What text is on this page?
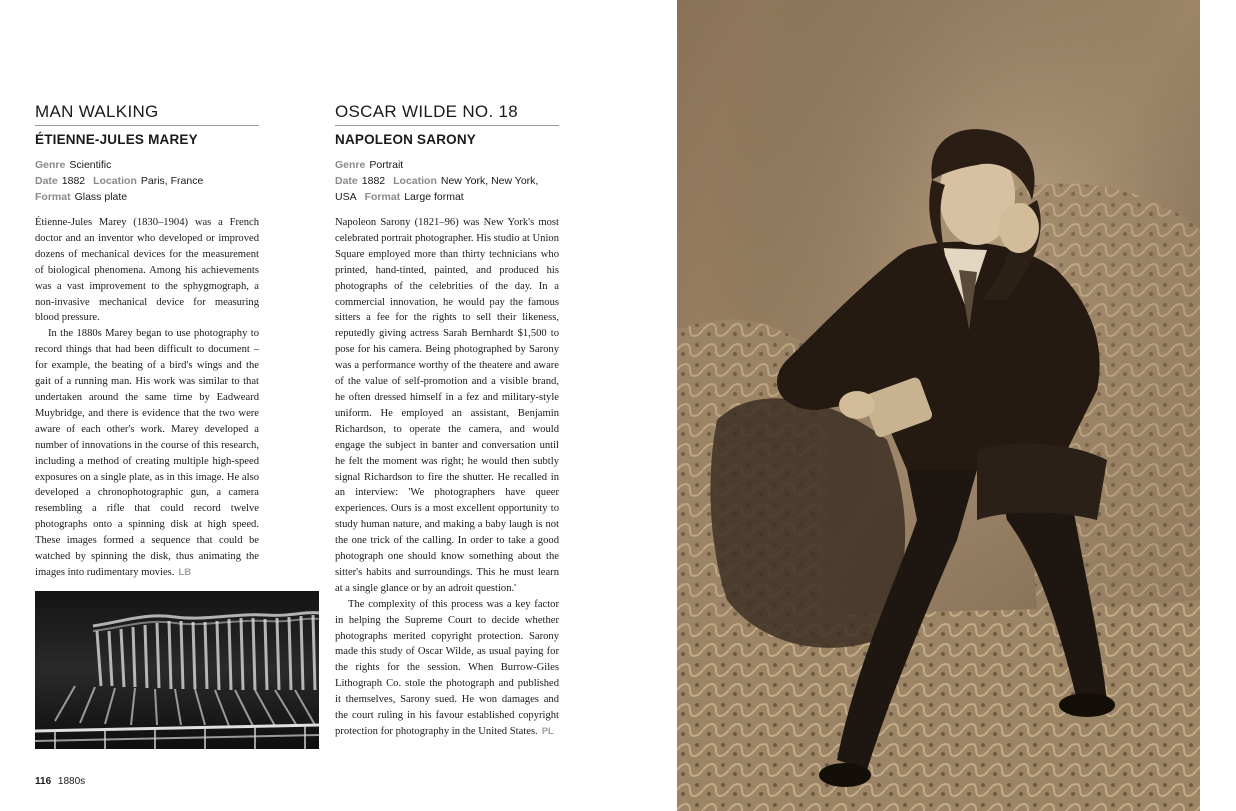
MAN WALKING
ÉTIENNE-JULES MAREY
Genre Scientific
Date 1882 Location Paris, France
Format Glass plate

Étienne-Jules Marey (1830–1904) was a French doctor and an inventor who developed or improved dozens of mechanical devices for the measurement of biological phenomena. Among his achievements was a vast improvement to the sphygmograph, a non-invasive mechanical device for measuring blood pressure.

In the 1880s Marey began to use photography to record things that had been difficult to document – for example, the beating of a bird's wings and the gait of a running man. His work was similar to that undertaken around the same time by Eadweard Muybridge, and there is evidence that the two were aware of each other's work. Marey developed a number of innovations in the course of this research, including a method of creating multiple high-speed exposures on a single plate, as in this image. He also developed a chronophotographic gun, a camera resembling a rifle that could record twelve photographs onto a spinning disk at high speed. These images formed a sequence that could be watched by spinning the disk, thus animating the images into rudimentary movies. LB

OSCAR WILDE NO. 18
NAPOLEON SARONY
Genre Portrait
Date 1882 Location New York, New York, USA Format Large format

Napoleon Sarony (1821–96) was New York's most celebrated portrait photographer. His studio at Union Square employed more than thirty technicians who printed, hand-tinted, painted, and produced his photographs of the celebrities of the day. In a commercial innovation, he would pay the famous sitters a fee for the rights to sell their likeness, reputedly giving actress Sarah Bernhardt $1,500 to pose for his camera. Being photographed by Sarony was a performance worthy of the theatere and aware of the value of self-promotion and a visible brand, he often dressed himself in a fez and military-style uniform. He employed an assistant, Benjamin Richardson, to operate the camera, and would engage the subject in banter and conversation until he felt the moment was right; he would then subtly signal Richardson to fire the shutter. He recalled in an interview: 'We photographers have queer experiences. Ours is a most excellent opportunity to study human nature, and making a baby laugh is not the one trick of the calling. In order to take a good photograph one should know something about the sitter's habits and surroundings. This he must learn at a single glance or by an adroit question.'

The complexity of this process was a key factor in helping the Supreme Court to decide whether photographs merited copyright protection. Sarony made this study of Oscar Wilde, as usual paying for the rights for the session. When Burrow-Giles Lithograph Co. stole the photograph and published it themselves, Sarony sued. He won damages and the court ruling in his favour established copyright protection for photography in the United States. PL

116 1880s
